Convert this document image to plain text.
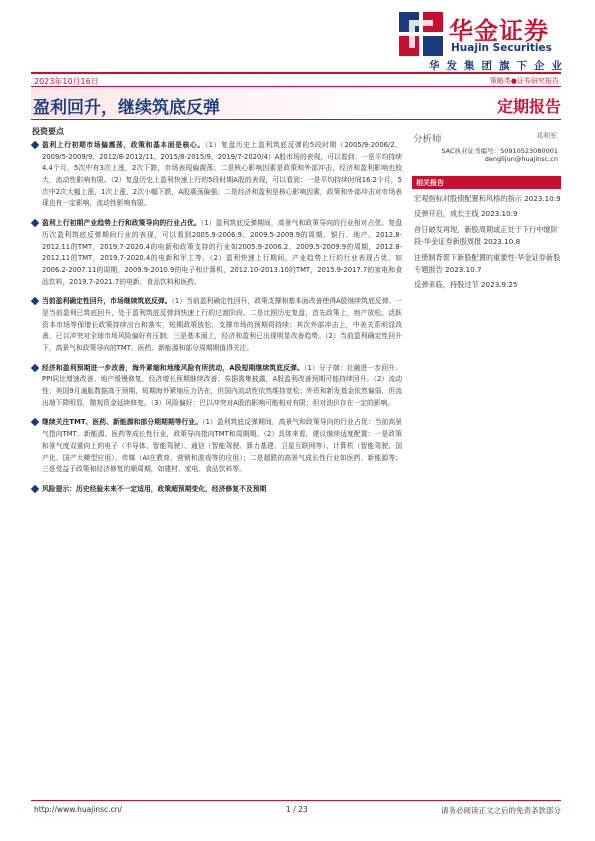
华金证券
Huajin Securities
华发集团旗下企业
2023年10月16日	策略类●证券研究报告
盈利回升，继续筑底反弹	定期报告
投资要点
盈利上行初期市场偏震荡，政策和基本面是核心。（1）复盘历史上盈利筑底反弹的5段时期（2005/9-2006/2、2009/5-2009/9、2012/8-2012/11、2015/8-2015/9、2019/7-2020/4）A股市场的表现，可以看到：一是平均持续4.4个月，5次中有3次上涨，2次下跌，市场表现偏震荡；二是核心影响因素是政策和外部冲击，经济和盈利影响也较大，流动性影响有限。（2）复盘历史上盈利快速上行的5段时期A股的表现，可以看到：一是平均持续时间16.2个月，5次中2次大幅上涨，1次上涨，2次小幅下跌，A股震荡偏强；二是经济和盈利是核心影响因素，政策和外部冲击对市场表现也有一定影响，流动性影响有限。
盈利上行初期产业趋势上行和政策导向的行业占优。（1）盈利筑底反弹期间，高景气和政策导向的行业相对占优。复盘历次盈利筑底反弹期间行业的表现，可以看到2005.9-2006.9、2009.5-2009.9的周期、银行、地产。2012.8-2012.11的TMT，2019.7-2020.4的电新和政策支持的行业如2005.9-2006.2、2009.5-2009.9的周期，2012.8-2012.11的TMT，2019.7-2020.4的电新和军工等。（2）盈利快速上行期间，产业趋势上行的行业表现占优，如2006.2-2007.11的周期，2009.9-2010.9的电子和计算机，2012.10-2013.10的TMT，2015.9-2017.7的家电和食品饮料，2019.7-2021.7的电新、食品饮料和医药。
当前盈利确定性回升，市场继续筑底反弹。（1）当前盈利确定性回升，政策支撑和基本面改善使得A股继续筑底反弹。一是当前盈利已筑底回升，处于盈利筑底反弹到快速上行的过渡阶段。二是比照历史复盘，首先政策上，地产放松、活跃资本市场等保增长政策持续出台和落实，短期政策放松、支撑市场的预期将持续；其次外部冲击上，中美关系明显改善，已以冲突对全球市场风险偏好有压制；三是基本面上，经济和盈利已出现明显改善趋势。（2）当前盈利确定性回升下，高景气和政策导向的TMT、医药、新能源和部分周期期值得关注。
经济和盈利预期进一步改善，海外紧缩和地缘风险有所扰动，A股短期继续筑底反弹。（1）分子端：社融进一步回升、PPI同比增速改善、地产缓慢修复，经济增长预期继续改善；券据需集披露，A股盈利改善预期可能持续回升。（2）流动性：美国9月通胀数据高于预期，短期海外紧缩压力仍在，但国内流动性依然维持宽松；外资和新发基金依然偏弱，但流出端下降明显，微观资金延续修复。（3）风险偏好：巴以冲突对A股的影响可能相对有限；但对油价存在一定的影响。
继续关注TMT、医药、新能源和部分期期期等行业。（1）盈利筑底反弹期间，高景气和政策导向的行业占优：当前高景气指向TMT、新能源、医药等成长性行业，政策导向指向TMT和周期期。（2）具体来看，建议继续适度配置：一是政策和景气度双重向上的电子（半导体、智能驾驶）、通信（智能驾驶、算力基建、卫星互联网等）、计算机（智能驾驶、国产化、国产大模型应用）、传媒（AI在教育、营销和游戏等的应用）；二是超跌的高景气成长性行业如医药、新能源等；三是受益于政策和经济修复的顺周期，如建材、家电、食品饮料等。
风险提示：历史经验未来不一定适用，政策超预期变化，经济修复不及预期
分析师	邓利军
SAC执业证书编号：S0910523080001
denglijun@huajinsc.cn
相关报告
宏观指标对股债配置和风格的指示 2023.10.9
反弹开启，成长主线 2023.10.9
首日破发再现，新股周期或正处于下行中继阶段-华金证券新股周报 2023.10.8
注册制背景下新股配置的重要性-华金证券新股专题报告 2023.10.7
反弹来临，持股过节 2023.9.25
http://www.huajinsc.cn/	1 / 23	请务必阅读正文之后的免责条款部分
